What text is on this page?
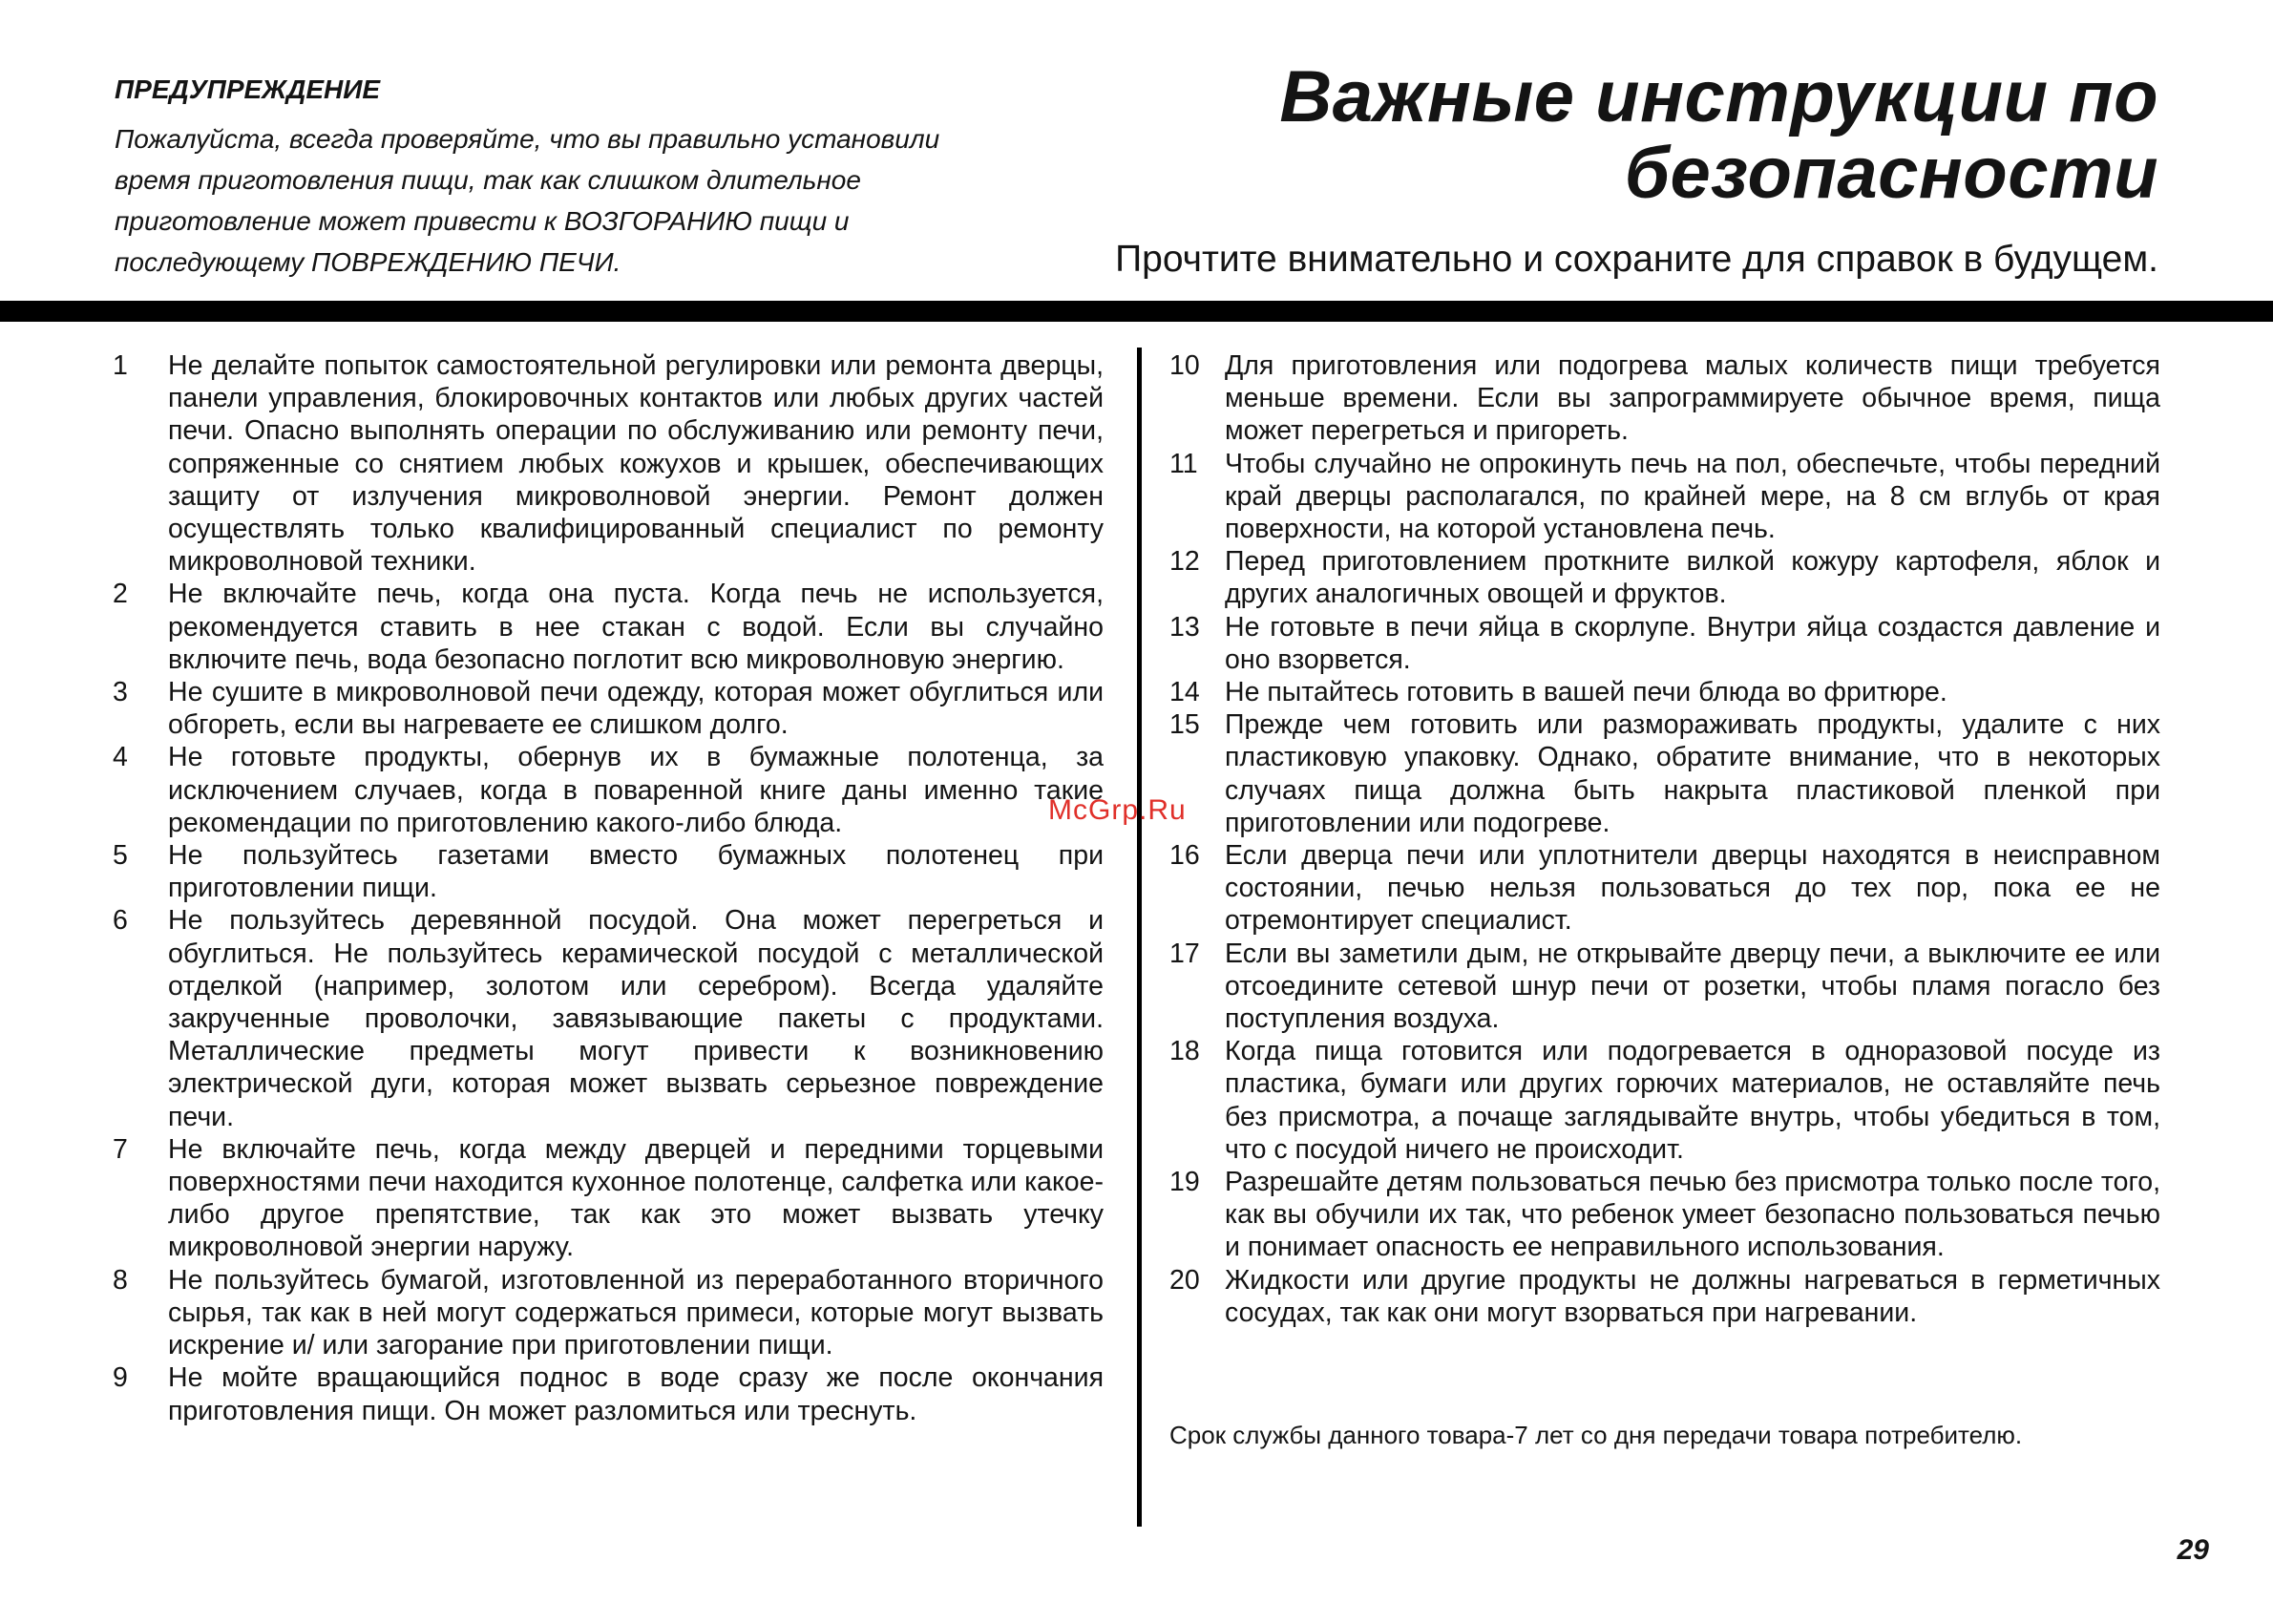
ПРЕДУПРЕЖДЕНИЕ

Пожалуйста, всегда проверяйте, что вы правильно установили время приготовления пищи, так как слишком длительное приготовление может привести к ВОЗГОРАНИЮ пищи и последующему ПОВРЕЖДЕНИЮ ПЕЧИ.

Важные инструкции по
безопасности

Прочтите внимательно и сохраните для справок в будущем.

1	Не делайте попыток самостоятельной регулировки или ремонта дверцы, панели управления, блокировочных контактов или любых других частей печи. Опасно выполнять операции по обслуживанию или ремонту печи, сопряженные со снятием любых кожухов и крышек, обеспечивающих защиту от излучения микроволновой энергии. Ремонт должен осуществлять только квалифицированный специалист по ремонту микроволновой техники.
2	Не включайте печь, когда она пуста. Когда печь не используется, рекомендуется ставить в нее стакан с водой. Если вы случайно включите печь, вода безопасно поглотит всю микроволновую энергию.
3	Не сушите в микроволновой печи одежду, которая может обуглиться или обгореть, если вы нагреваете ее слишком долго.
4	Не готовьте продукты, обернув их в бумажные полотенца, за исключением случаев, когда в поваренной книге даны именно такие рекомендации по приготовлению какого-либо блюда.
5	Не пользуйтесь газетами вместо бумажных полотенец при приготовлении пищи.
6	Не пользуйтесь деревянной посудой. Она может перегреться и обуглиться. Не пользуйтесь керамической посудой с металлической отделкой (например, золотом или серебром). Всегда удаляйте закрученные проволочки, завязывающие пакеты с продуктами. Металлические предметы могут привести к возникновению электрической дуги, которая может вызвать серьезное повреждение печи.
7	Не включайте печь, когда между дверцей и передними торцевыми поверхностями печи находится кухонное полотенце, салфетка или какое-либо другое препятствие, так как это может вызвать утечку микроволновой энергии наружу.
8	Не пользуйтесь бумагой, изготовленной из переработанного вторичного сырья, так как в ней могут содержаться примеси, которые могут вызвать искрение и/ или загорание при приготовлении пищи.
9	Не мойте вращающийся поднос в воде сразу же после окончания приготовления пищи. Он может разломиться или треснуть.
10 Для приготовления или подогрева малых количеств пищи требуется меньше времени. Если вы запрограммируете обычное время, пища может перегреться и пригореть.
11 Чтобы случайно не опрокинуть печь на пол, обеспечьте, чтобы передний край дверцы располагался, по крайней мере, на 8 см вглубь от края поверхности, на которой установлена печь.
12 Перед приготовлением проткните вилкой кожуру картофеля, яблок и других аналогичных овощей и фруктов.
13 Не готовьте в печи яйца в скорлупе. Внутри яйца создастся давление и оно взорвется.
14 Не пытайтесь готовить в вашей печи блюда во фритюре.
15 Прежде чем готовить или размораживать продукты, удалите с них пластиковую упаковку. Однако, обратите внимание, что в некоторых случаях пища должна быть накрыта пластиковой пленкой при приготовлении или подогреве.
16 Если дверца печи или уплотнители дверцы находятся в неисправном состоянии, печью нельзя пользоваться до тех пор, пока ее не отремонтирует специалист.
17 Если вы заметили дым, не открывайте дверцу печи, а выключите ее или отсоедините сетевой шнур печи от розетки, чтобы пламя погасло без поступления воздуха.
18 Когда пища готовится или подогревается в одноразовой посуде из пластика, бумаги или других горючих материалов, не оставляйте печь без присмотра, а почаще заглядывайте внутрь, чтобы убедиться в том, что с посудой ничего не происходит.
19 Разрешайте детям пользоваться печью без присмотра только после того, как вы обучили их так, что ребенок умеет безопасно пользоваться печью и понимает опасность ее неправильного использования.
20 Жидкости или другие продукты не должны нагреваться в герметичных сосудах, так как они могут взорваться при нагревании.

Срок службы данного товара-7 лет со дня передачи товара потребителю.

29
McGrp.Ru
